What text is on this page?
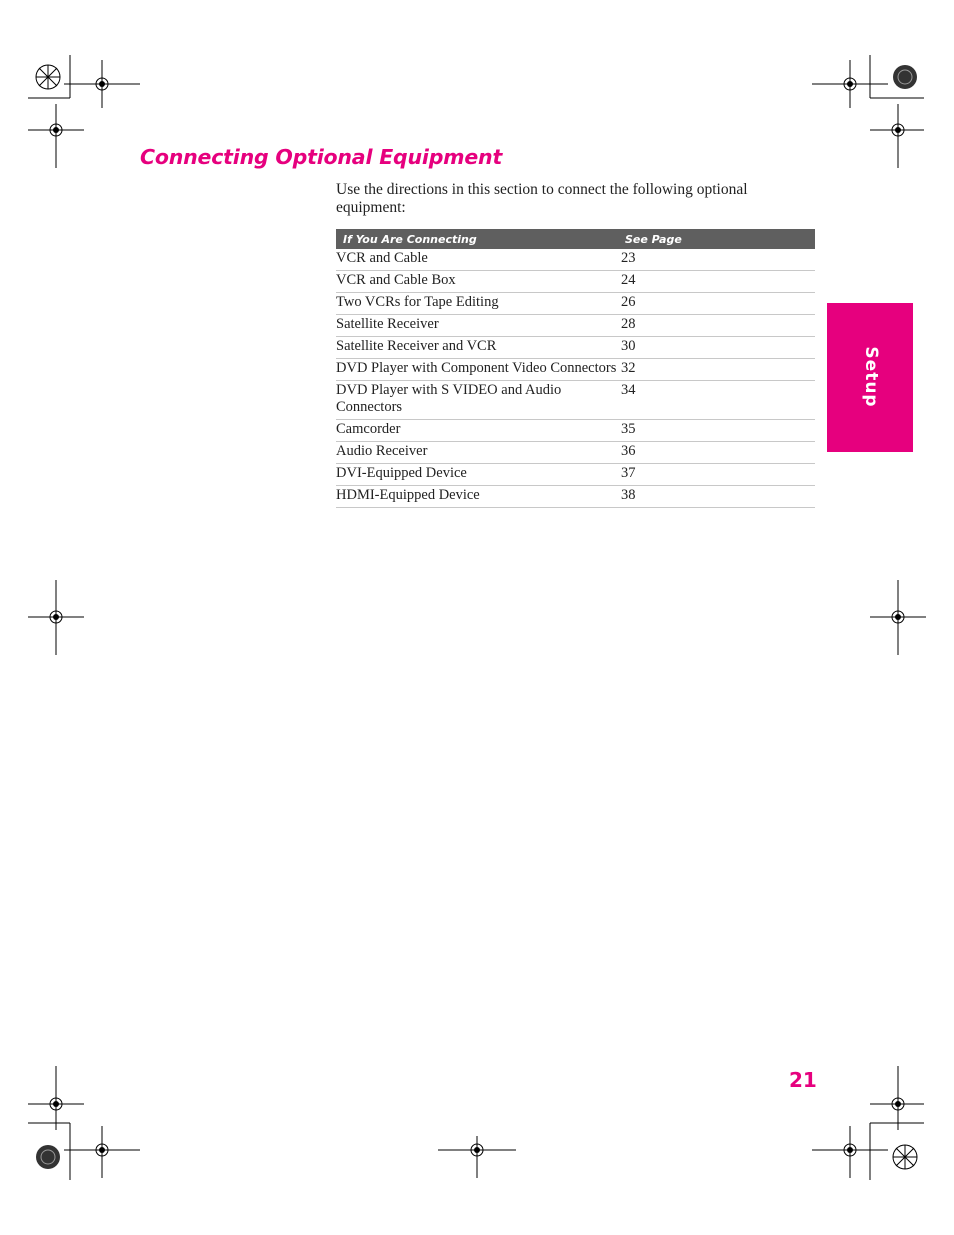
Connecting Optional Equipment

Use the directions in this section to connect the following optional equipment:

If You Are Connecting	See Page
VCR and Cable	23
VCR and Cable Box	24
Two VCRs for Tape Editing	26
Satellite Receiver	28
Satellite Receiver and VCR	30
DVD Player with Component Video Connectors	32
DVD Player with S VIDEO and Audio Connectors	34
Camcorder	35
Audio Receiver	36
DVI-Equipped Device	37
HDMI-Equipped Device	38
Setup
21
